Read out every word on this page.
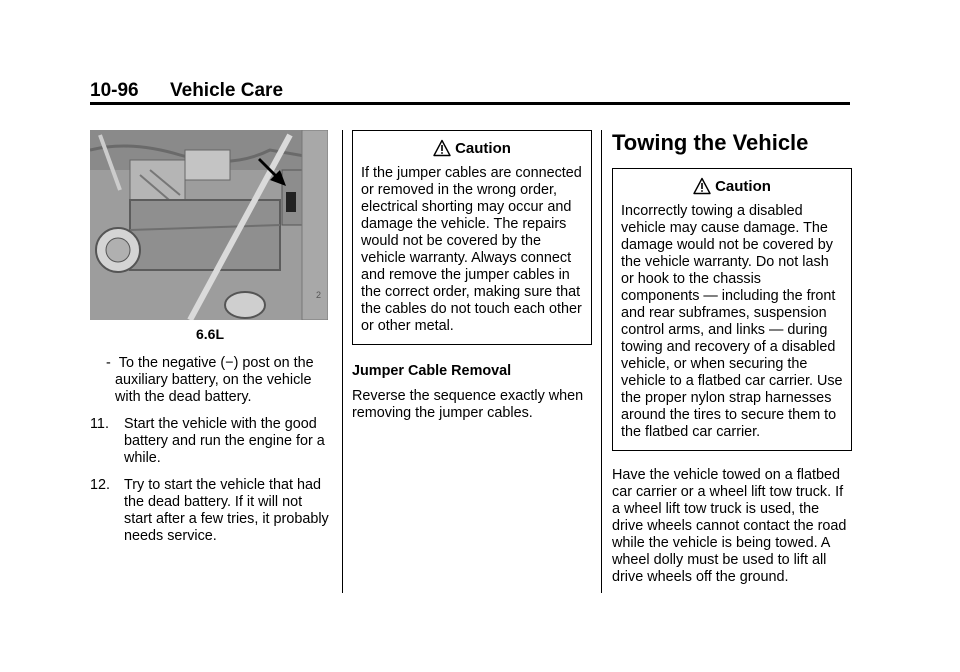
10-96 Vehicle Care
2
6.6L
- To the negative (−) post on the auxiliary battery, on the vehicle with the dead battery.
11. Start the vehicle with the good battery and run the engine for a while.
12. Try to start the vehicle that had the dead battery. If it will not start after a few tries, it probably needs service.
Caution
If the jumper cables are connected or removed in the wrong order, electrical shorting may occur and damage the vehicle. The repairs would not be covered by the vehicle warranty. Always connect and remove the jumper cables in the correct order, making sure that the cables do not touch each other or other metal.
Jumper Cable Removal
Reverse the sequence exactly when removing the jumper cables.
Towing the Vehicle
Caution
Incorrectly towing a disabled vehicle may cause damage. The damage would not be covered by the vehicle warranty. Do not lash or hook to the chassis components — including the front and rear subframes, suspension control arms, and links — during towing and recovery of a disabled vehicle, or when securing the vehicle to a flatbed car carrier. Use the proper nylon strap harnesses around the tires to secure them to the flatbed car carrier.
Have the vehicle towed on a flatbed car carrier or a wheel lift tow truck. If a wheel lift tow truck is used, the drive wheels cannot contact the road while the vehicle is being towed. A wheel dolly must be used to lift all drive wheels off the ground.
